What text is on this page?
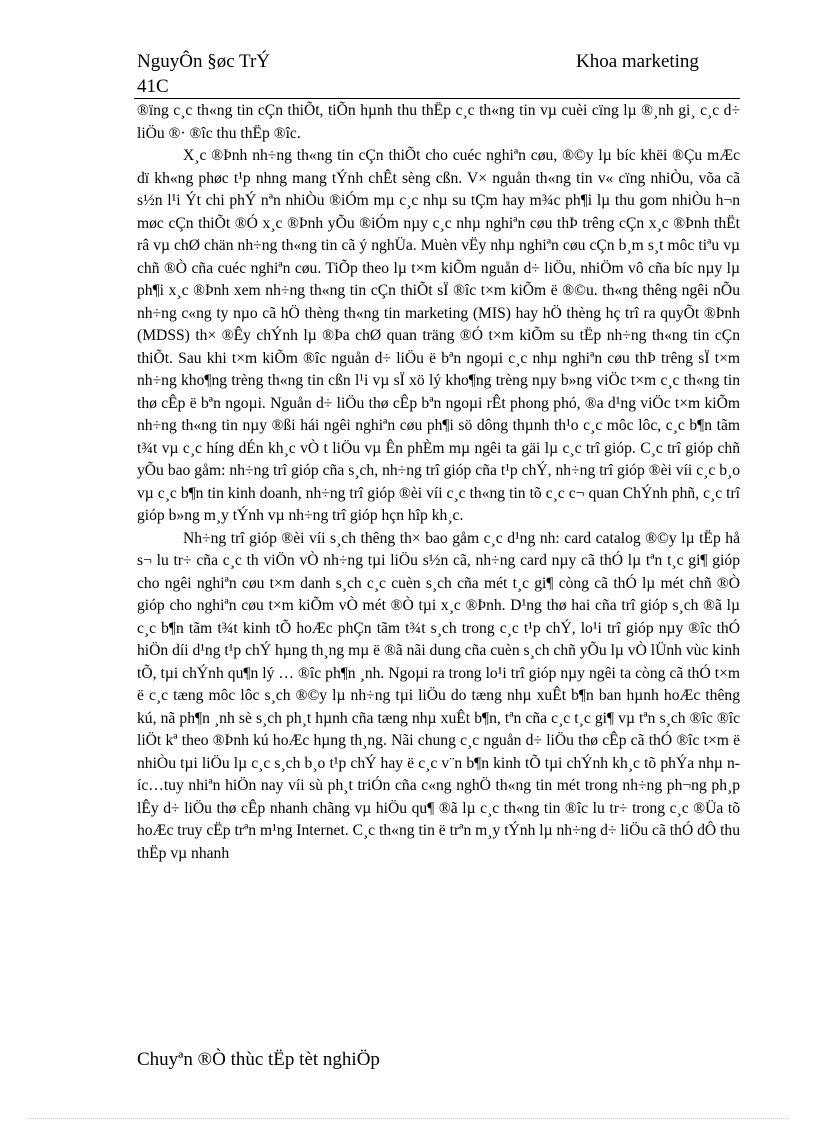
NguyÔn §øc TrÝ	Khoa marketing
41C

®ïng c¸c th«ng tin cÇn thiÕt, tiÕn hµnh thu thËp c¸c th«ng tin vµ cuèi cïng lµ ®¸nh gi¸ c¸c d÷ liÖu ®· ®îc thu thËp ®îc.

X¸c ®Þnh nh÷ng th«ng tin cÇn thiÕt cho cuéc nghiªn cøu, ®©y lµ bíc khëi ®Çu mÆc dï kh«ng phøc t¹p nhng mang tÝnh chÊt sèng cßn. V× nguån th«ng tin v« cïng nhiÒu, võa cã s½n l¹i Ýt chi phÝ nªn nhiÒu ®iÓm mµ c¸c nhµ su tÇm hay m¾c ph¶i lµ thu gom nhiÒu h¬n møc cÇn thiÕt ®Ó x¸c ®Þnh yÕu ®iÓm nµy c¸c nhµ nghiªn cøu thÞ trêng cÇn x¸c ®Þnh thËt râ vµ chØ chän nh÷ng th«ng tin cã ý nghÜa. Muèn vËy nhµ nghiªn cøu cÇn b¸m s¸t môc tiªu vµ chñ ®Ò cña cuéc nghiªn cøu. TiÕp theo lµ t×m kiÕm nguån d÷ liÖu, nhiÖm vô cña bíc nµy lµ ph¶i x¸c ®Þnh xem nh÷ng th«ng tin cÇn thiÕt sÏ ®îc t×m kiÕm ë ®©u. th«ng thêng ngêi nÕu nh÷ng c«ng ty nµo cã hÖ thèng th«ng tin marketing (MIS) hay hÖ thèng hç trî ra quyÕt ®Þnh (MDSS) th× ®Êy chÝnh lµ ®Þa chØ quan träng ®Ó t×m kiÕm su tËp nh÷ng th«ng tin cÇn thiÕt. Sau khi t×m kiÕm ®îc nguån d÷ liÖu ë bªn ngoµi c¸c nhµ nghiªn cøu thÞ trêng sÏ t×m nh÷ng kho¶ng trèng th«ng tin cßn l¹i vµ sÏ xö lý kho¶ng trèng nµy b»ng viÖc t×m c¸c th«ng tin thø cÊp ë bªn ngoµi. Nguån d÷ liÖu thø cÊp bªn ngoµi rÊt phong phó, ®a d¹ng viÖc t×m kiÕm nh÷ng th«ng tin nµy ®ßi hái ngêi nghiªn cøu ph¶i sö dông thµnh th¹o c¸c môc lôc, c¸c b¶n tãm t¾t vµ c¸c híng dÉn kh¸c vÒ t liÖu vµ Ên phÈm mµ ngêi ta gäi lµ c¸c trî gióp. C¸c trî gióp chñ yÕu bao gåm: nh÷ng trî gióp cña s¸ch, nh÷ng trî gióp cña t¹p chÝ, nh÷ng trî gióp ®èi víi c¸c b¸o vµ c¸c b¶n tin kinh doanh, nh÷ng trî gióp ®èi víi c¸c th«ng tin tõ c¸c c¬ quan ChÝnh phñ, c¸c trî gióp b»ng m¸y tÝnh vµ nh÷ng trî gióp hçn hîp kh¸c.

Nh÷ng trî gióp ®èi víi s¸ch thêng th× bao gåm c¸c d¹ng nh: card catalog ®©y lµ tËp hå s¬ lu tr÷ cña c¸c th viÖn vÒ nh÷ng tµi liÖu s½n cã, nh÷ng card nµy cã thÓ lµ tªn t¸c gi¶ gióp cho ngêi nghiªn cøu t×m danh s¸ch c¸c cuèn s¸ch cña mét t¸c gi¶ còng cã thÓ lµ mét chñ ®Ò gióp cho nghiªn cøu t×m kiÕm vÒ mét ®Ò tµi x¸c ®Þnh. D¹ng thø hai cña trî gióp s¸ch ®ã lµ c¸c b¶n tãm t¾t kinh tÕ hoÆc phÇn tãm t¾t s¸ch trong c¸c t¹p chÝ, lo¹i trî gióp nµy ®îc thÓ hiÖn díi d¹ng t¹p chÝ hµng th¸ng mµ ë ®ã nãi dung cña cuèn s¸ch chñ yÕu lµ vÒ lÜnh vùc kinh tÕ, tµi chÝnh qu¶n lý … ®îc ph¶n ¸nh. Ngoµi ra trong lo¹i trî gióp nµy ngêi ta còng cã thÓ t×m ë c¸c tæng môc lôc s¸ch ®©y lµ nh÷ng tµi liÖu do tæng nhµ xuÊt b¶n ban hµnh hoÆc thêng kú, nã ph¶n ¸nh sè s¸ch ph¸t hµnh cña tæng nhµ xuÊt b¶n, tªn cña c¸c t¸c gi¶ vµ tªn s¸ch ®îc ®îc liÖt kª theo ®Þnh kú hoÆc hµng th¸ng. Nãi chung c¸c nguån d÷ liÖu thø cÊp cã thÓ ®îc t×m ë nhiÒu tµi liÖu lµ c¸c s¸ch b¸o t¹p chÝ hay ë c¸c v¨n b¶n kinh tÕ tµi chÝnh kh¸c tõ phÝa nhµ níc…tuy nhiªn hiÖn nay víi sù ph¸t triÓn cña c«ng nghÖ th«ng tin mét trong nh÷ng ph¬ng ph¸p lÊy d÷ liÖu thø cÊp nhanh chãng vµ hiÖu qu¶ ®ã lµ c¸c th«ng tin ®îc lu tr÷ trong c¸c ®Üa tõ hoÆc truy cËp trªn m¹ng Internet. C¸c th«ng tin ë trªn m¸y tÝnh lµ nh÷ng d÷ liÖu cã thÓ dÔ thu thËp vµ nhanh

Chuyªn ®Ò thùc tËp tèt nghiÖp
